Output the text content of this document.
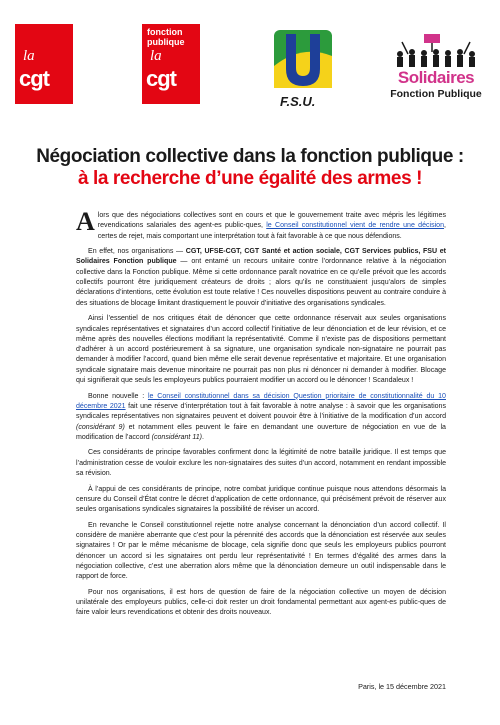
la
cgt
fonction publique
la
cgt
F.S.U.
Solidaires
Fonction Publique
Négociation collective dans la fonction publique :
à la recherche d’une égalité des armes !

Alors que des négociations collectives sont en cours et que le gouvernement traite avec mépris les légitimes revendications salariales des agent-es public-ques, le Conseil constitutionnel vient de rendre une décision, certes de rejet, mais comportant une interprétation tout à fait favorable à ce que nous défendions.

En effet, nos organisations — CGT, UFSE-CGT, CGT Santé et action sociale, CGT Services publics, FSU et Solidaires Fonction publique — ont entamé un recours unitaire contre l’ordonnance relative à la négociation collective dans la Fonction publique. Même si cette ordonnance paraît novatrice en ce qu’elle prévoit que les accords collectifs pourront être juridiquement créateurs de droits ; alors qu’ils ne constituaient jusqu’alors de simples déclarations d’intentions, cette évolution est toute relative ! Ces nouvelles dispositions peuvent au contraire conduire à des situations de blocage limitant drastiquement le pouvoir d’initiative des organisations syndicales.

Ainsi l’essentiel de nos critiques était de dénoncer que cette ordonnance réservait aux seules organisations syndicales représentatives et signataires d’un accord collectif l’initiative de leur dénonciation et de leur révision, et ce même après des nouvelles élections modifiant la représentativité. Comme il n’existe pas de dispositions permettant d’adhérer à un accord postérieurement à sa signature, une organisation syndicale non-signataire ne pourrait pas demander à modifier l’accord, quand bien même elle serait devenue représentative et majoritaire. Et une organisation syndicale signataire mais devenue minoritaire ne pourrait pas non plus ni dénoncer ni demander à modifier. Blocage qui signifierait que seuls les employeurs publics pourraient modifier un accord ou le dénoncer ! Scandaleux !

Bonne nouvelle : le Conseil constitutionnel dans sa décision Question prioritaire de constitutionnalité du 10 décembre 2021 fait une réserve d’interprétation tout à fait favorable à notre analyse : à savoir que les organisations syndicales représentatives non signataires peuvent et doivent pouvoir être à l’initiative de la modification d’un accord (considérant 9) et notamment elles peuvent le faire en demandant une ouverture de négociation en vue de la modification de l’accord (considérant 11).

Ces considérants de principe favorables confirment donc la légitimité de notre bataille juridique. Il est temps que l’administration cesse de vouloir exclure les non-signataires des suites d’un accord, notamment en rendant impossible sa révision.

À l’appui de ces considérants de principe, notre combat juridique continue puisque nous attendons désormais la censure du Conseil d’État contre le décret d’application de cette ordonnance, qui précisément prévoit de réserver aux seules organisations syndicales signataires la possibilité de réviser un accord.

En revanche le Conseil constitutionnel rejette notre analyse concernant la dénonciation d’un accord collectif. Il considère de manière aberrante que c’est pour la pérennité des accords que la dénonciation est réservée aux seules signataires ! Or par le même mécanisme de blocage, cela signifie donc que seuls les employeurs publics pourront dénoncer un accord si les signataires ont perdu leur représentativité ! En termes d’égalité des armes dans la négociation collective, c’est une aberration alors même que la dénonciation demeure un outil indispensable dans le rapport de force.

Pour nos organisations, il est hors de question de faire de la négociation collective un moyen de décision unilatérale des employeurs publics, celle-ci doit rester un droit fondamental permettant aux agent-es public-ques de faire valoir leurs revendications et obtenir des droits nouveaux.

Paris, le 15 décembre 2021
